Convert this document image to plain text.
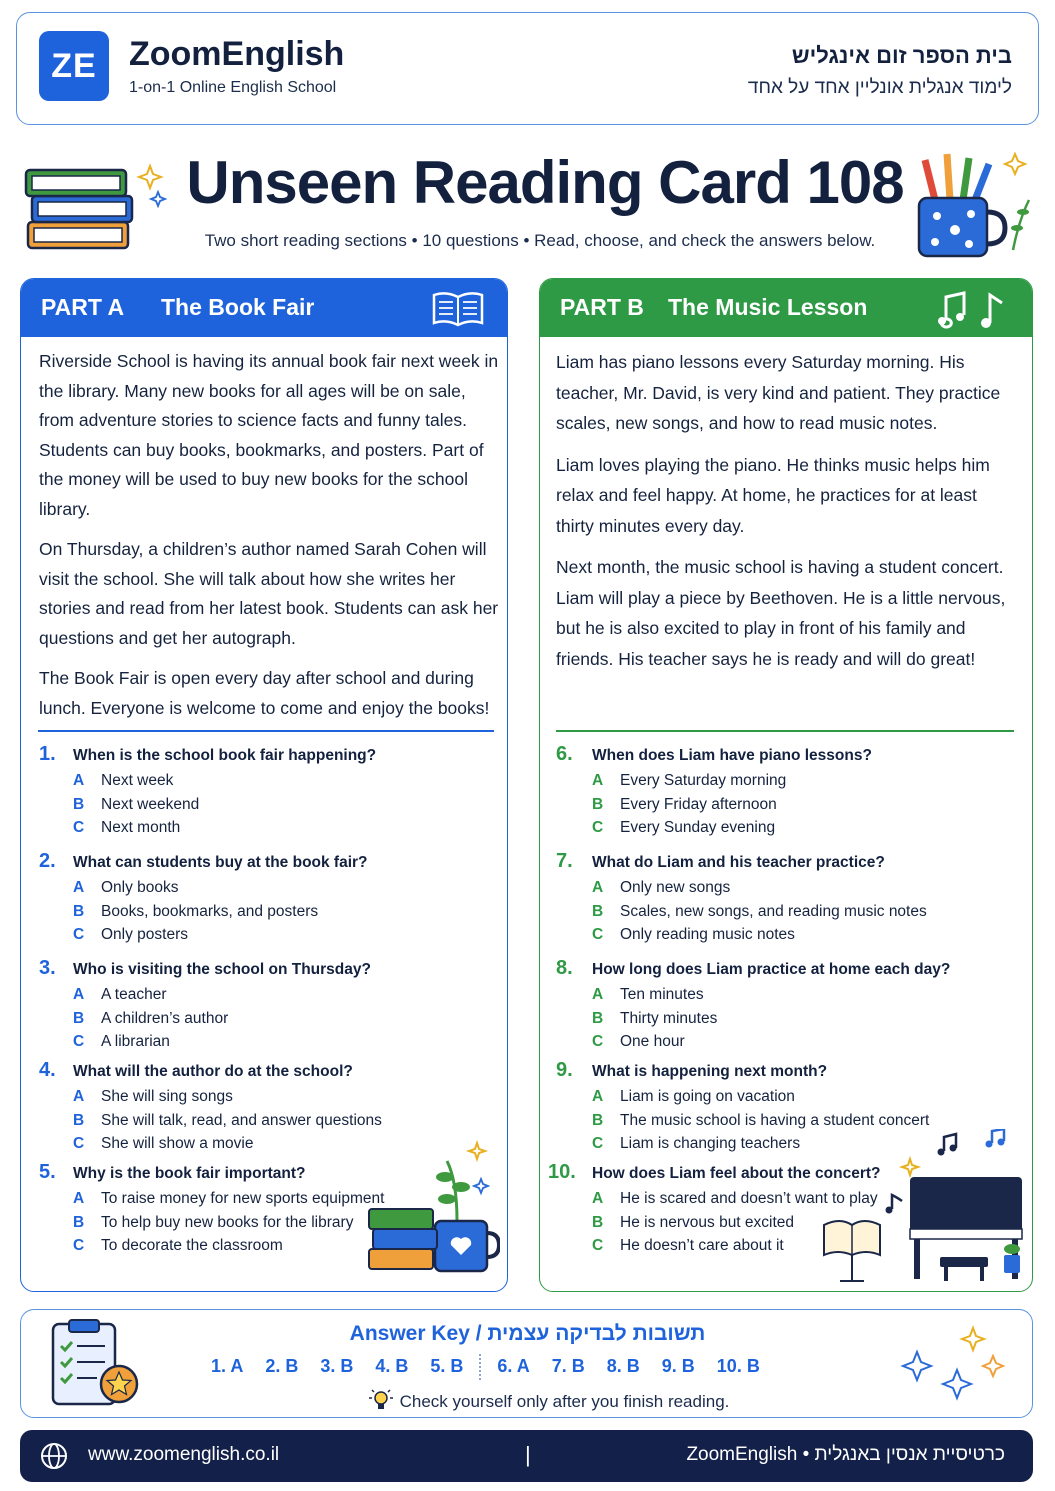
ZE ZoomEnglish
1-on-1 Online English School
בית הספר זום אינגליש
לימוד אנגלית אונליין אחד על אחד
Unseen Reading Card 108
Two short reading sections • 10 questions • Read, choose, and check the answers below.
PART A The Book Fair

Riverside School is having its annual book fair next week in the library. Many new books for all ages will be on sale, from adventure stories to science facts and funny tales. Students can buy books, bookmarks, and posters. Part of the money will be used to buy new books for the school library.

On Thursday, a children’s author named Sarah Cohen will visit the school. She will talk about how she writes her stories and read from her latest book. Students can ask her questions and get her autograph.

The Book Fair is open every day after school and during lunch. Everyone is welcome to come and enjoy the books!

1. When is the school book fair happening?
A Next week
B Next weekend
C Next month
2. What can students buy at the book fair?
A Only books
B Books, bookmarks, and posters
C Only posters
3. Who is visiting the school on Thursday?
A A teacher
B A children’s author
C A librarian
4. What will the author do at the school?
A She will sing songs
B She will talk, read, and answer questions
C She will show a movie
5. Why is the book fair important?
A To raise money for new sports equipment
B To help buy new books for the library
C To decorate the classroom
PART B The Music Lesson

Liam has piano lessons every Saturday morning. His teacher, Mr. David, is very kind and patient. They practice scales, new songs, and how to read music notes.

Liam loves playing the piano. He thinks music helps him relax and feel happy. At home, he practices for at least thirty minutes every day.

Next month, the music school is having a student concert. Liam will play a piece by Beethoven. He is a little nervous, but he is also excited to play in front of his family and friends. His teacher says he is ready and will do great!

6. When does Liam have piano lessons?
A Every Saturday morning
B Every Friday afternoon
C Every Sunday evening
7. What do Liam and his teacher practice?
A Only new songs
B Scales, new songs, and reading music notes
C Only reading music notes
8. How long does Liam practice at home each day?
A Ten minutes
B Thirty minutes
C One hour
9. What is happening next month?
A Liam is going on vacation
B The music school is having a student concert
C Liam is changing teachers
10. How does Liam feel about the concert?
A He is scared and doesn’t want to play
B He is nervous but excited
C He doesn’t care about it
Answer Key / תשובות לבדיקה עצמית
1. A 2. B 3. B 4. B 5. B 6. A 7. B 8. B 9. B 10. B
Check yourself only after you finish reading.
www.zoomenglish.co.il	|	ZoomEnglish • כרטיסיית אנסין באנגלית
